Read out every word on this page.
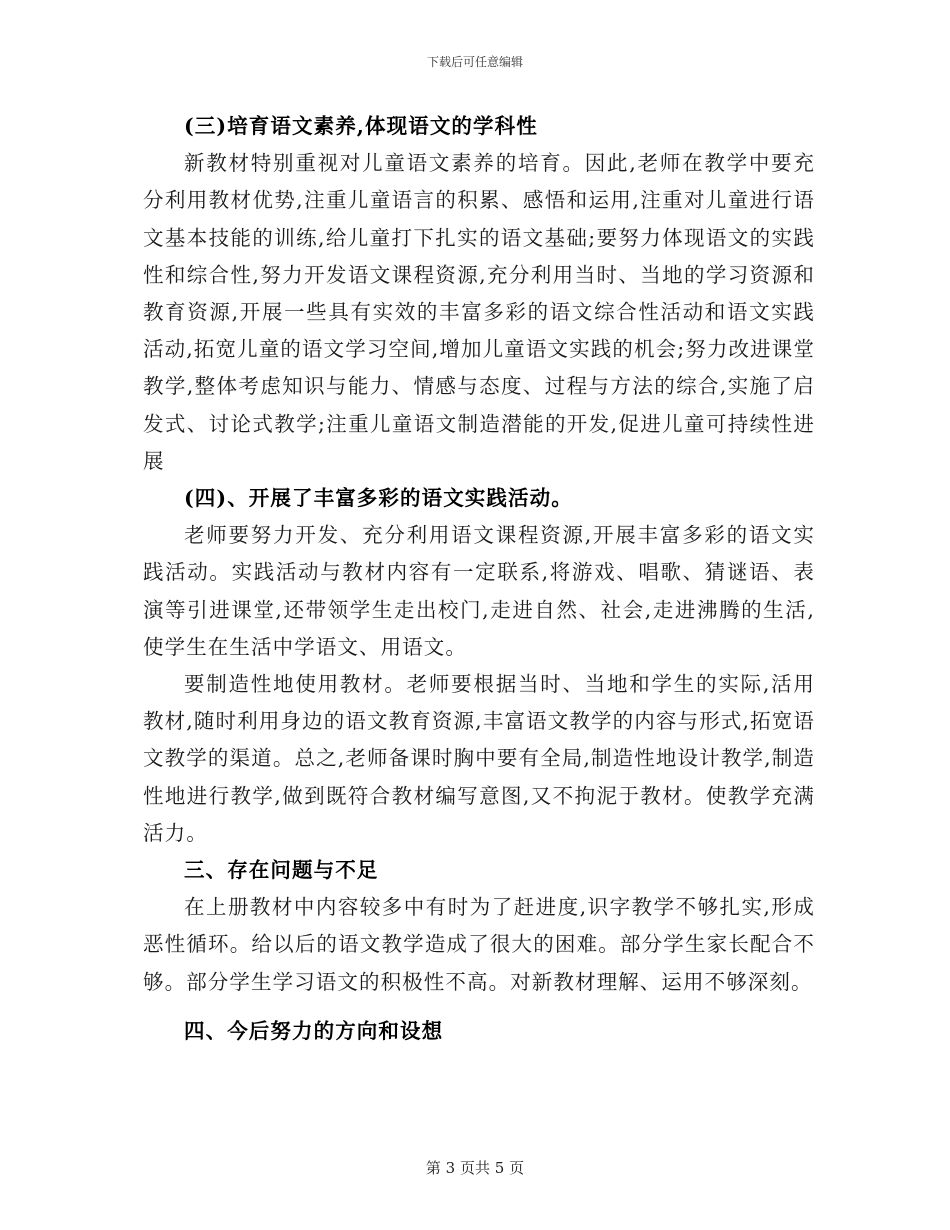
下载后可任意编辑
(三)培育语文素养,体现语文的学科性

新教材特别重视对儿童语文素养的培育。因此,老师在教学中要充分利用教材优势,注重儿童语言的积累、感悟和运用,注重对儿童进行语文基本技能的训练,给儿童打下扎实的语文基础;要努力体现语文的实践性和综合性,努力开发语文课程资源,充分利用当时、当地的学习资源和教育资源,开展一些具有实效的丰富多彩的语文综合性活动和语文实践活动,拓宽儿童的语文学习空间,增加儿童语文实践的机会;努力改进课堂教学,整体考虑知识与能力、情感与态度、过程与方法的综合,实施了启发式、讨论式教学;注重儿童语文制造潜能的开发,促进儿童可持续性进展

(四)、开展了丰富多彩的语文实践活动。

老师要努力开发、充分利用语文课程资源,开展丰富多彩的语文实践活动。实践活动与教材内容有一定联系,将游戏、唱歌、猜谜语、表演等引进课堂,还带领学生走出校门,走进自然、社会,走进沸腾的生活,使学生在生活中学语文、用语文。

要制造性地使用教材。老师要根据当时、当地和学生的实际,活用教材,随时利用身边的语文教育资源,丰富语文教学的内容与形式,拓宽语文教学的渠道。总之,老师备课时胸中要有全局,制造性地设计教学,制造性地进行教学,做到既符合教材编写意图,又不拘泥于教材。使教学充满活力。

三、存在问题与不足

在上册教材中内容较多中有时为了赶进度,识字教学不够扎实,形成恶性循环。给以后的语文教学造成了很大的困难。部分学生家长配合不够。部分学生学习语文的积极性不高。对新教材理解、运用不够深刻。

四、今后努力的方向和设想
第 3 页共 5 页
